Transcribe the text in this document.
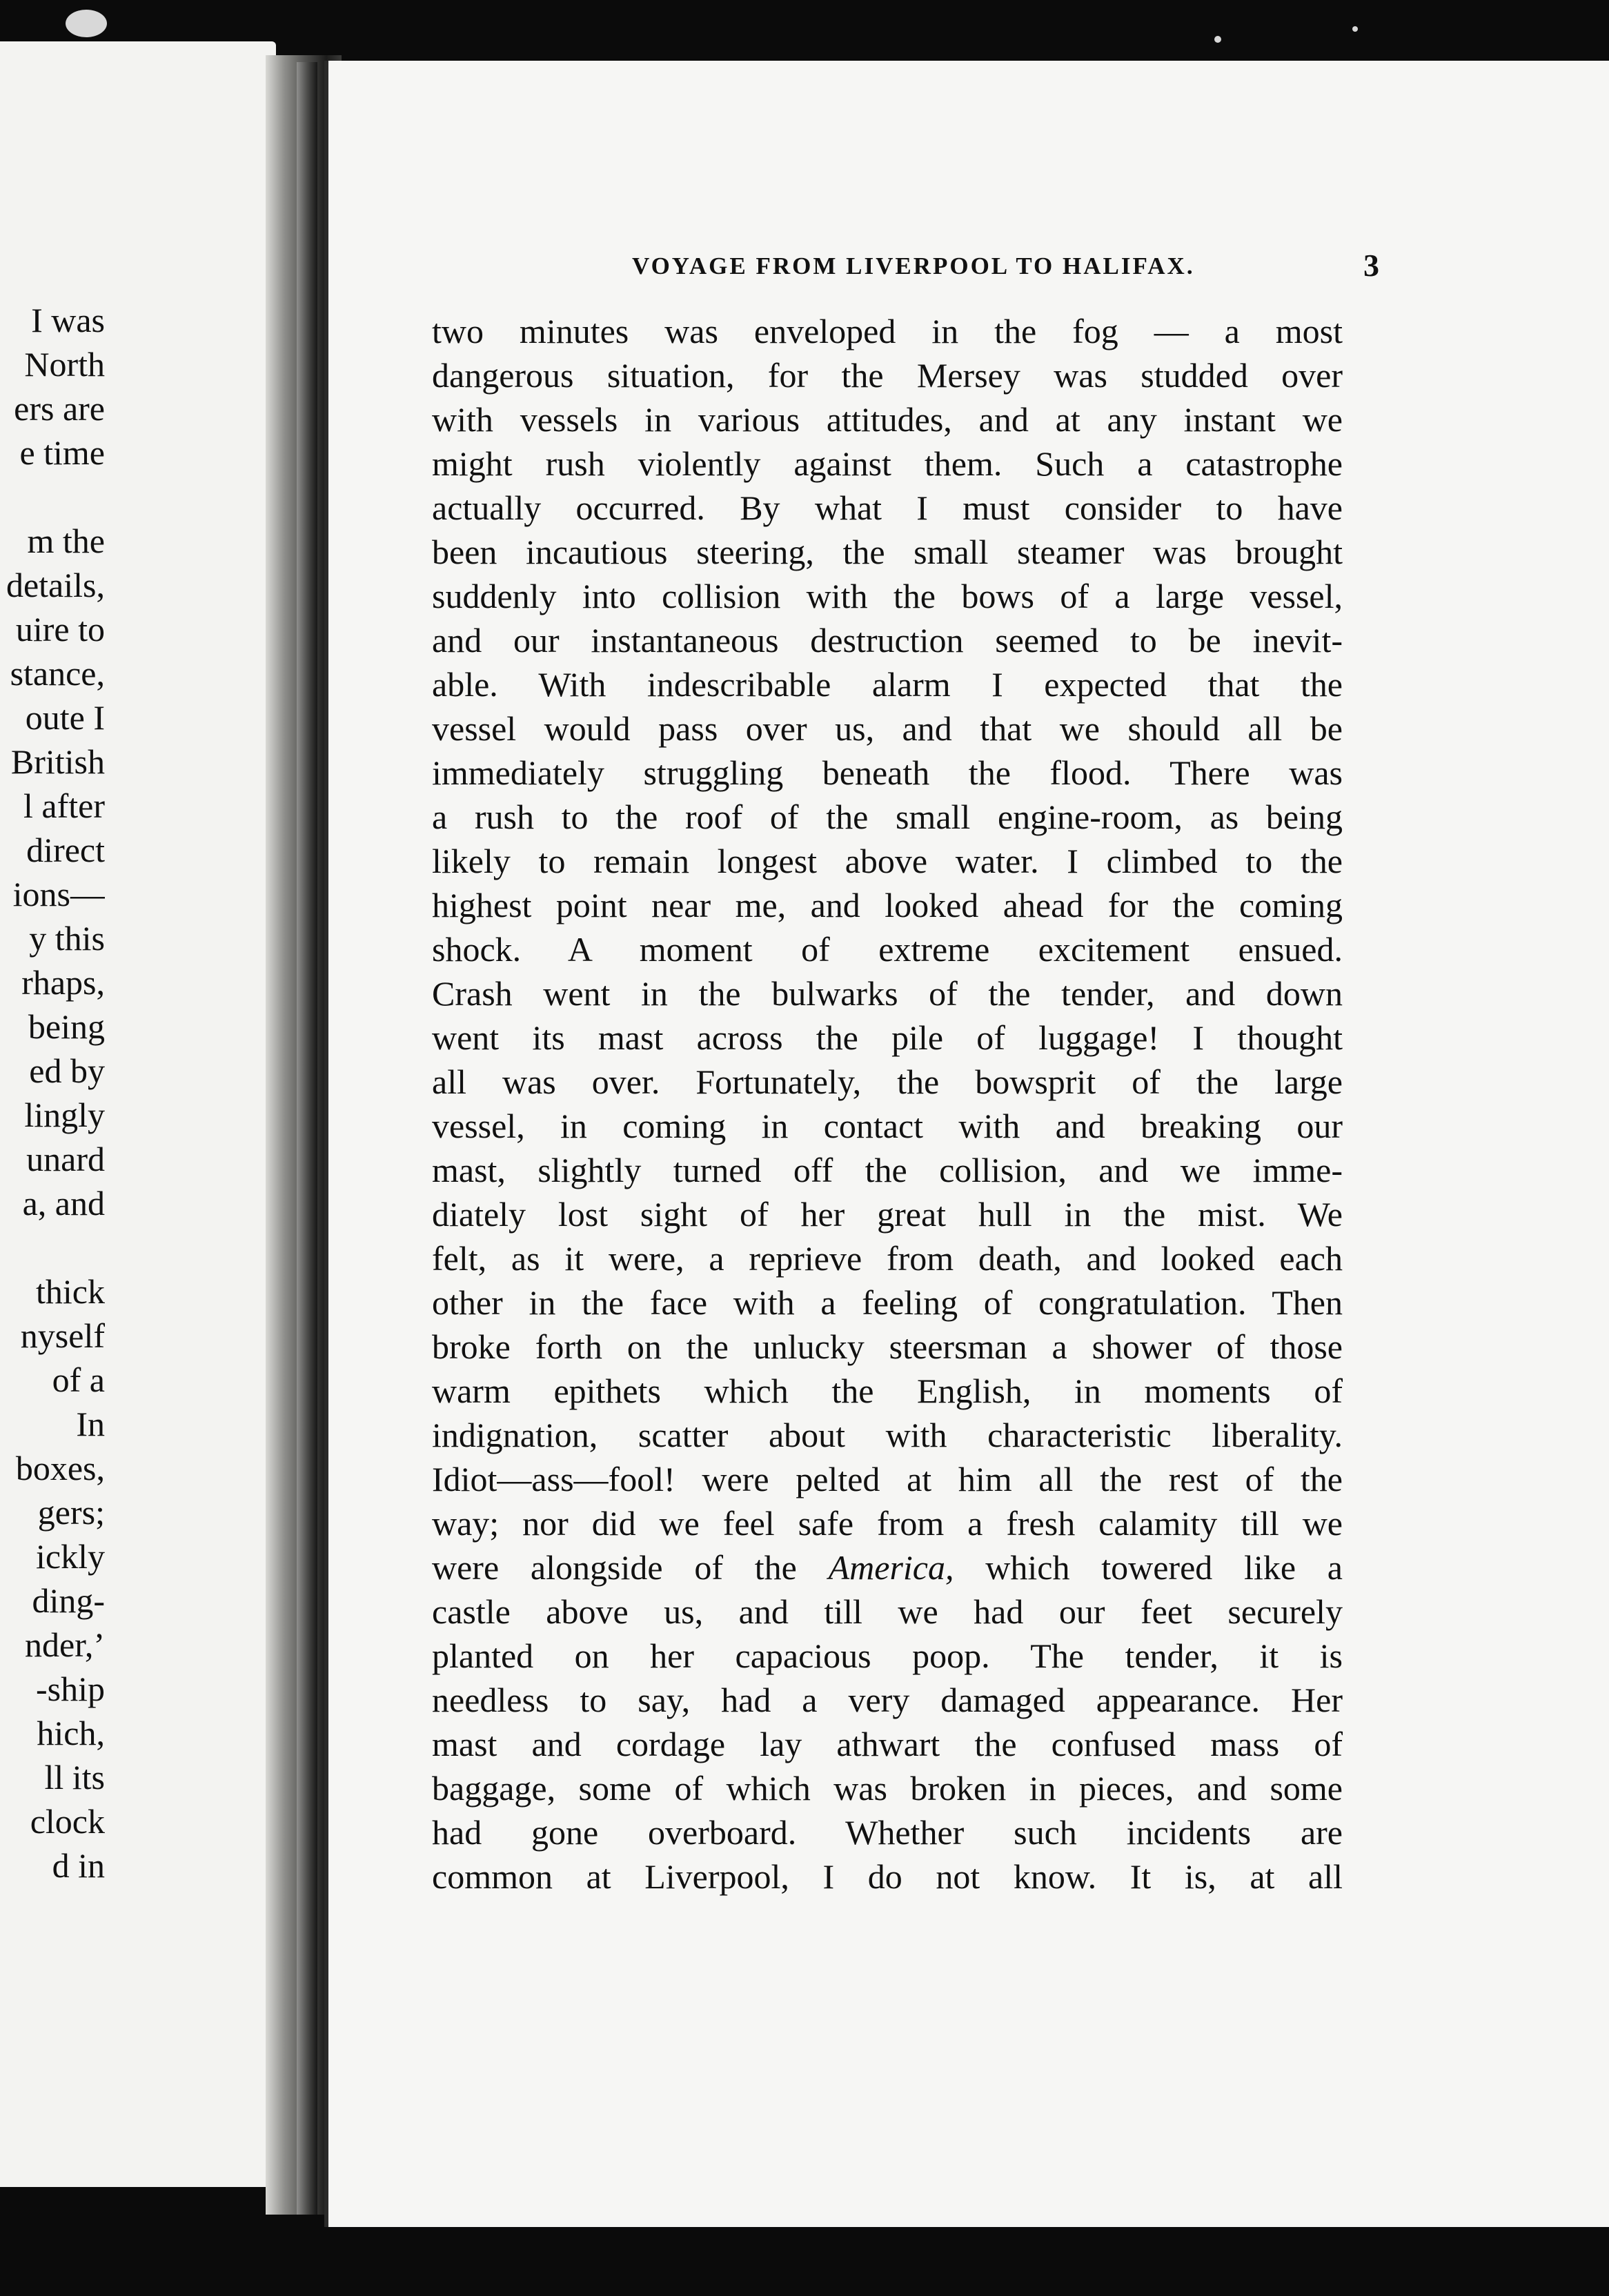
I was
North
ers are
e time
m the
details,
uire to
stance,
oute I
British
l after
direct
ions—
y this
rhaps,
being
ed by
lingly
unard
a, and
thick
nyself
of a
In
boxes,
gers;
ickly
ding-
nder,’
-ship
hich,
ll its
clock
d in
VOYAGE FROM LIVERPOOL TO HALIFAX.	3
two minutes was enveloped in the fog — a most
dangerous situation, for the Mersey was studded over
with vessels in various attitudes, and at any instant we
might rush violently against them. Such a catastrophe
actually occurred. By what I must consider to have
been incautious steering, the small steamer was brought
suddenly into collision with the bows of a large vessel,
and our instantaneous destruction seemed to be inevit-
able. With indescribable alarm I expected that the
vessel would pass over us, and that we should all be
immediately struggling beneath the flood. There was
a rush to the roof of the small engine-room, as being
likely to remain longest above water. I climbed to the
highest point near me, and looked ahead for the coming
shock. A moment of extreme excitement ensued.
Crash went in the bulwarks of the tender, and down
went its mast across the pile of luggage! I thought
all was over. Fortunately, the bowsprit of the large
vessel, in coming in contact with and breaking our
mast, slightly turned off the collision, and we imme-
diately lost sight of her great hull in the mist. We
felt, as it were, a reprieve from death, and looked each
other in the face with a feeling of congratulation. Then
broke forth on the unlucky steersman a shower of those
warm epithets which the English, in moments of
indignation, scatter about with characteristic liberality.
Idiot—ass—fool! were pelted at him all the rest of the
way; nor did we feel safe from a fresh calamity till we
were alongside of the America, which towered like a
castle above us, and till we had our feet securely
planted on her capacious poop. The tender, it is
needless to say, had a very damaged appearance. Her
mast and cordage lay athwart the confused mass of
baggage, some of which was broken in pieces, and some
had gone overboard. Whether such incidents are
common at Liverpool, I do not know. It is, at all
